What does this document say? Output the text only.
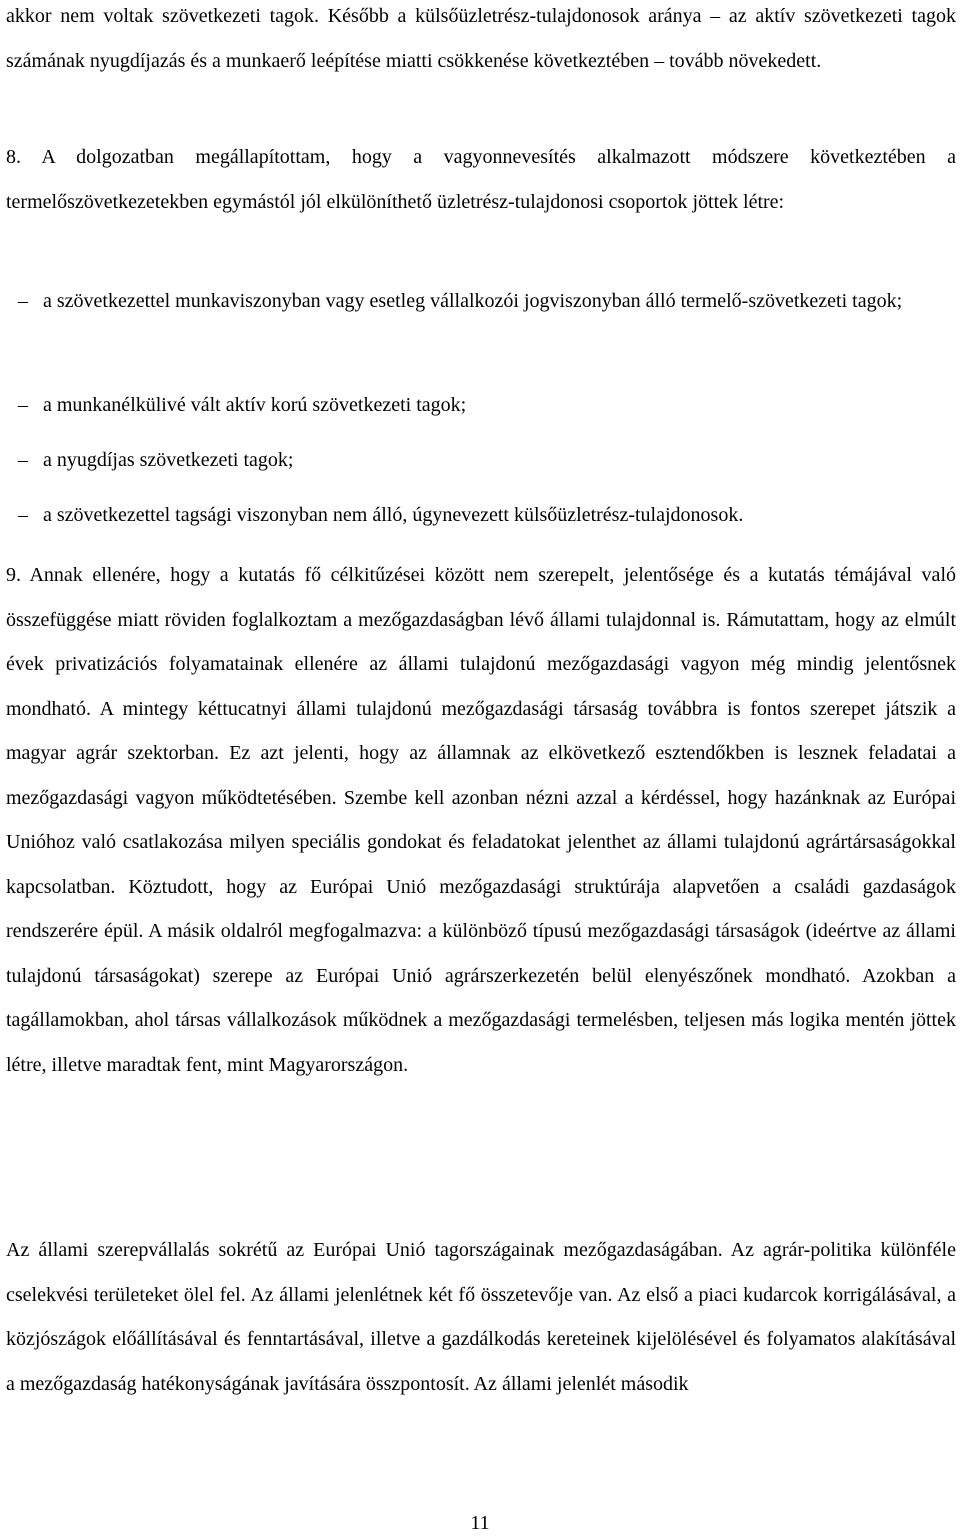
akkor nem voltak szövetkezeti tagok. Később a külsőüzletrész-tulajdonosok aránya – az aktív szövetkezeti tagok számának nyugdíjazás és a munkaerő leépítése miatti csökkenése következtében – tovább növekedett.

8. A dolgozatban megállapítottam, hogy a vagyonnevesítés alkalmazott módszere következtében a termelőszövetkezetekben egymástól jól elkülöníthető üzletrész-tulajdonosi csoportok jöttek létre:

– a szövetkezettel munkaviszonyban vagy esetleg vállalkozói jogviszonyban álló termelő-szövetkezeti tagok;
– a munkanélkülivé vált aktív korú szövetkezeti tagok;
– a nyugdíjas szövetkezeti tagok;
– a szövetkezettel tagsági viszonyban nem álló, úgynevezett külsőüzletrész-tulajdonosok.

9. Annak ellenére, hogy a kutatás fő célkitűzései között nem szerepelt, jelentősége és a kutatás témájával való összefüggése miatt röviden foglalkoztam a mezőgazdaságban lévő állami tulajdonnal is. Rámutattam, hogy az elmúlt évek privatizációs folyamatainak ellenére az állami tulajdonú mezőgazdasági vagyon még mindig jelentősnek mondható. A mintegy kéttucatnyi állami tulajdonú mezőgazdasági társaság továbbra is fontos szerepet játszik a magyar agrár szektorban. Ez azt jelenti, hogy az államnak az elkövetkező esztendőkben is lesznek feladatai a mezőgazdasági vagyon működtetésében. Szembe kell azonban nézni azzal a kérdéssel, hogy hazánknak az Európai Unióhoz való csatlakozása milyen speciális gondokat és feladatokat jelenthet az állami tulajdonú agrártársaságokkal kapcsolatban. Köztudott, hogy az Európai Unió mezőgazdasági struktúrája alapvetően a családi gazdaságok rendszerére épül. A másik oldalról megfogalmazva: a különböző típusú mezőgazdasági társaságok (ideértve az állami tulajdonú társaságokat) szerepe az Európai Unió agrárszerkezetén belül elenyészőnek mondható. Azokban a tagállamokban, ahol társas vállalkozások működnek a mezőgazdasági termelésben, teljesen más logika mentén jöttek létre, illetve maradtak fent, mint Magyarországon.

Az állami szerepvállalás sokrétű az Európai Unió tagországainak mezőgazdaságában. Az agrár-politika különféle cselekvési területeket ölel fel. Az állami jelenlétnek két fő összetevője van. Az első a piaci kudarcok korrigálásával, a közjószágok előállításával és fenntartásával, illetve a gazdálkodás kereteinek kijelölésével és folyamatos alakításával a mezőgazdaság hatékonyságának javítására összpontosít. Az állami jelenlét második

11
